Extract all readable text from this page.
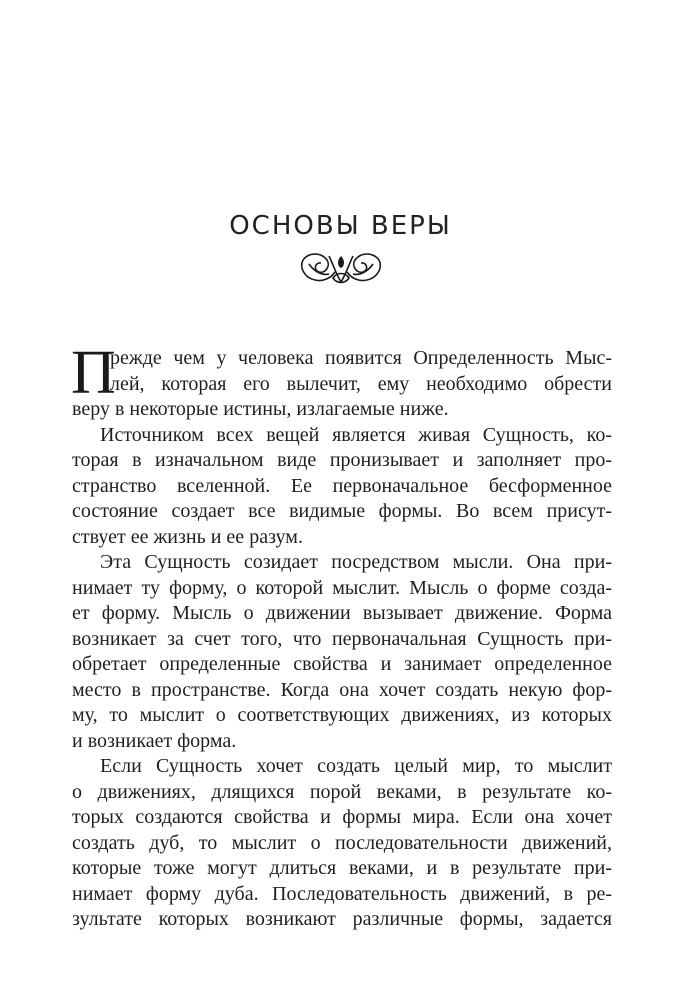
ОСНОВЫ ВЕРЫ
П
режде чем у человека появится Определенность Мыс-
лей, которая его вылечит, ему необходимо обрести
веру в некоторые истины, излагаемые ниже.
Источником всех вещей является живая Сущность, ко-
торая в изначальном виде пронизывает и заполняет про-
странство вселенной. Ее первоначальное бесформенное
состояние создает все видимые формы. Во всем присут-
ствует ее жизнь и ее разум.
Эта Сущность созидает посредством мысли. Она при-
нимает ту форму, о которой мыслит. Мысль о форме созда-
ет форму. Мысль о движении вызывает движение. Форма
возникает за счет того, что первоначальная Сущность при-
обретает определенные свойства и занимает определенное
место в пространстве. Когда она хочет создать некую фор-
му, то мыслит о соответствующих движениях, из которых
и возникает форма.
Если Сущность хочет создать целый мир, то мыслит
о движениях, длящихся порой веками, в результате ко-
торых создаются свойства и формы мира. Если она хочет
создать дуб, то мыслит о последовательности движений,
которые тоже могут длиться веками, и в результате при-
нимает форму дуба. Последовательность движений, в ре-
зультате которых возникают различные формы, задается
